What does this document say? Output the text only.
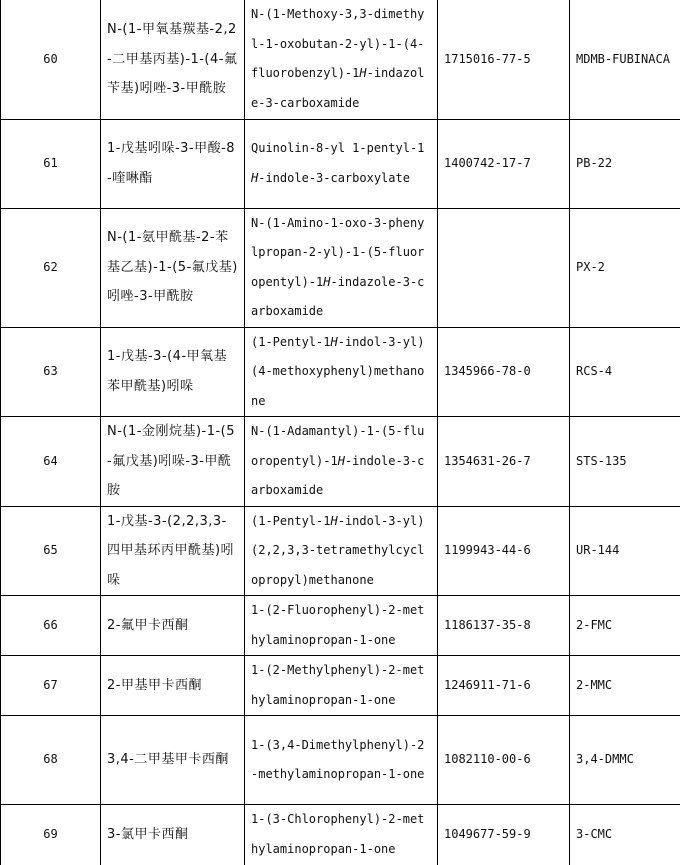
60	N-(1-甲氧基羰基-2,2-二甲基丙基)-1-(4-氟苄基)吲唑-3-甲酰胺	N-(1-Methoxy-3,3-dimethyl-1-oxobutan-2-yl)-1-(4-fluorobenzyl)-1H-indazole-3-carboxamide	1715016-77-5	MDMB-FUBINACA
61	1-戊基吲哚-3-甲酸-8-喹啉酯	Quinolin-8-yl 1-pentyl-1H-indole-3-carboxylate	1400742-17-7	PB-22
62	N-(1-氨甲酰基-2-苯基乙基)-1-(5-氟戊基)吲唑-3-甲酰胺	N-(1-Amino-1-oxo-3-phenylpropan-2-yl)-1-(5-fluoropentyl)-1H-indazole-3-carboxamide		PX-2
63	1-戊基-3-(4-甲氧基苯甲酰基)吲哚	(1-Pentyl-1H-indol-3-yl)(4-methoxyphenyl)methanone	1345966-78-0	RCS-4
64	N-(1-金刚烷基)-1-(5-氟戊基)吲哚-3-甲酰胺	N-(1-Adamantyl)-1-(5-fluoropentyl)-1H-indole-3-carboxamide	1354631-26-7	STS-135
65	1-戊基-3-(2,2,3,3-四甲基环丙甲酰基)吲哚	(1-Pentyl-1H-indol-3-yl)(2,2,3,3-tetramethylcyclopropyl)methanone	1199943-44-6	UR-144
66	2-氟甲卡西酮	1-(2-Fluorophenyl)-2-methylaminopropan-1-one	1186137-35-8	2-FMC
67	2-甲基甲卡西酮	1-(2-Methylphenyl)-2-methylaminopropan-1-one	1246911-71-6	2-MMC
68	3,4-二甲基甲卡西酮	1-(3,4-Dimethylphenyl)-2-methylaminopropan-1-one	1082110-00-6	3,4-DMMC
69	3-氯甲卡西酮	1-(3-Chlorophenyl)-2-methylaminopropan-1-one	1049677-59-9	3-CMC
